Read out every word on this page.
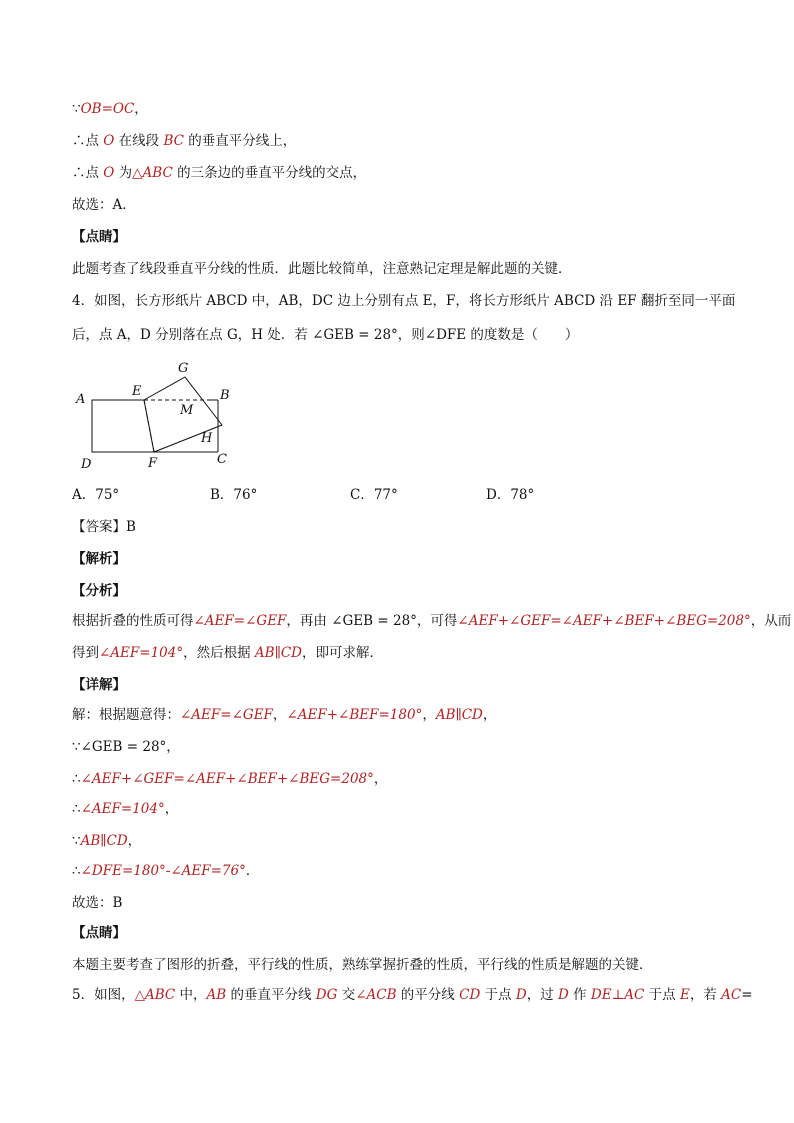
∵OB=OC，
∴点 O 在线段 BC 的垂直平分线上，
∴点 O 为△ABC 的三条边的垂直平分线的交点，
故选：A．
【点睛】
此题考查了线段垂直平分线的性质．此题比较简单，注意熟记定理是解此题的关键．
4．如图，长方形纸片 ABCD 中，AB，DC 边上分别有点 E，F，将长方形纸片 ABCD 沿 EF 翻折至同一平面
后，点 A，D 分别落在点 G，H 处．若 ∠GEB = 28°，则∠DFE 的度数是（　　）
A
E
G
B
M
H
D	F	C
A．75°	B．76°	C．77°	D．78°
【答案】B
【解析】
【分析】
根据折叠的性质可得∠AEF=∠GEF，再由 ∠GEB = 28°，可得∠AEF+∠GEF=∠AEF+∠BEF+∠BEG=208°，从而
得到∠AEF=104°，然后根据 AB∥CD，即可求解．
【详解】
解：根据题意得：∠AEF=∠GEF，∠AEF+∠BEF=180°，AB∥CD，
∵∠GEB = 28°，
∴∠AEF+∠GEF=∠AEF+∠BEF+∠BEG=208°，
∴∠AEF=104°，
∵AB∥CD，
∴∠DFE=180°-∠AEF=76°．
故选：B
【点睛】
本题主要考查了图形的折叠，平行线的性质，熟练掌握折叠的性质，平行线的性质是解题的关键．
5．如图，△ABC 中，AB 的垂直平分线 DG 交∠ACB 的平分线 CD 于点 D，过 D 作 DE⊥AC 于点 E，若 AC=
